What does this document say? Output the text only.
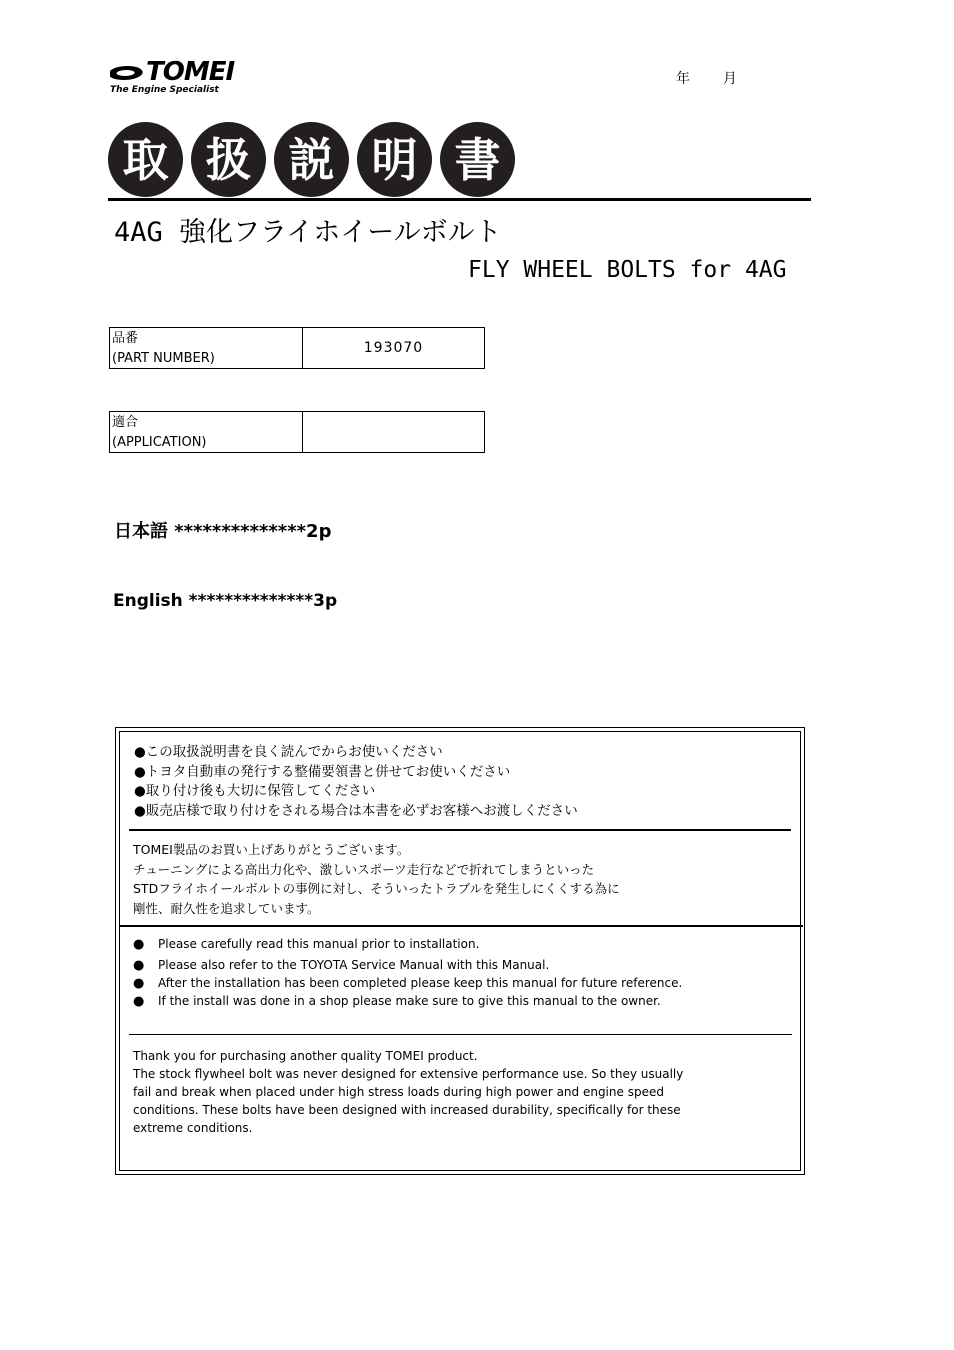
TOMEI
The Engine Specialist
年 月
取 扱 説 明 書
4AG 強化フライホイールボルト
FLY WHEEL BOLTS for 4AG
品番
(PART NUMBER)
193070
適合
(APPLICATION)
日本語 **************2p
English **************3p
●この取扱説明書を良く読んでからお使いください
●トヨタ自動車の発行する整備要領書と併せてお使いください
●取り付け後も大切に保管してください
●販売店様で取り付けをされる場合は本書を必ずお客様へお渡しください
TOMEI製品のお買い上げありがとうございます。
チューニングによる高出力化や、激しいスポーツ走行などで折れてしまうといった
STDフライホイールボルトの事例に対し、そういったトラブルを発生しにくくする為に
剛性、耐久性を追求しています。
● Please carefully read this manual prior to installation.
● Please also refer to the TOYOTA Service Manual with this Manual.
● After the installation has been completed please keep this manual for future reference.
● If the install was done in a shop please make sure to give this manual to the owner.
Thank you for purchasing another quality TOMEI product.
The stock flywheel bolt was never designed for extensive performance use. So they usually
fail and break when placed under high stress loads during high power and engine speed
conditions. These bolts have been designed with increased durability, specifically for these
extreme conditions.
